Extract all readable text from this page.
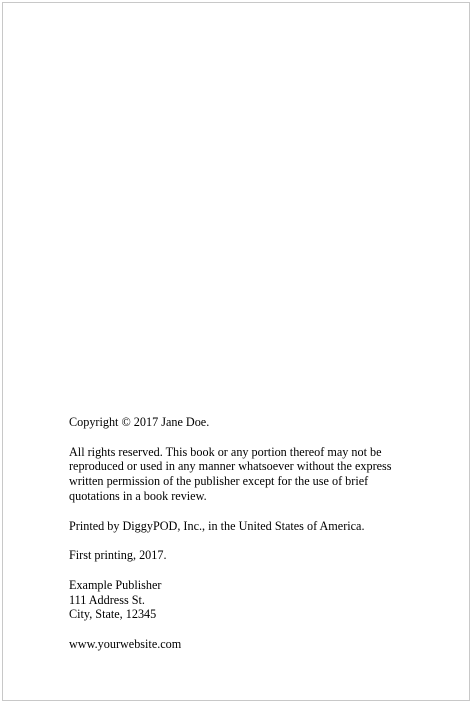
Copyright © 2017 Jane Doe.

All rights reserved. This book or any portion thereof may not be
reproduced or used in any manner whatsoever without the express
written permission of the publisher except for the use of brief
quotations in a book review.

Printed by DiggyPOD, Inc., in the United States of America.

First printing, 2017.

Example Publisher
111 Address St.
City, State, 12345

www.yourwebsite.com
